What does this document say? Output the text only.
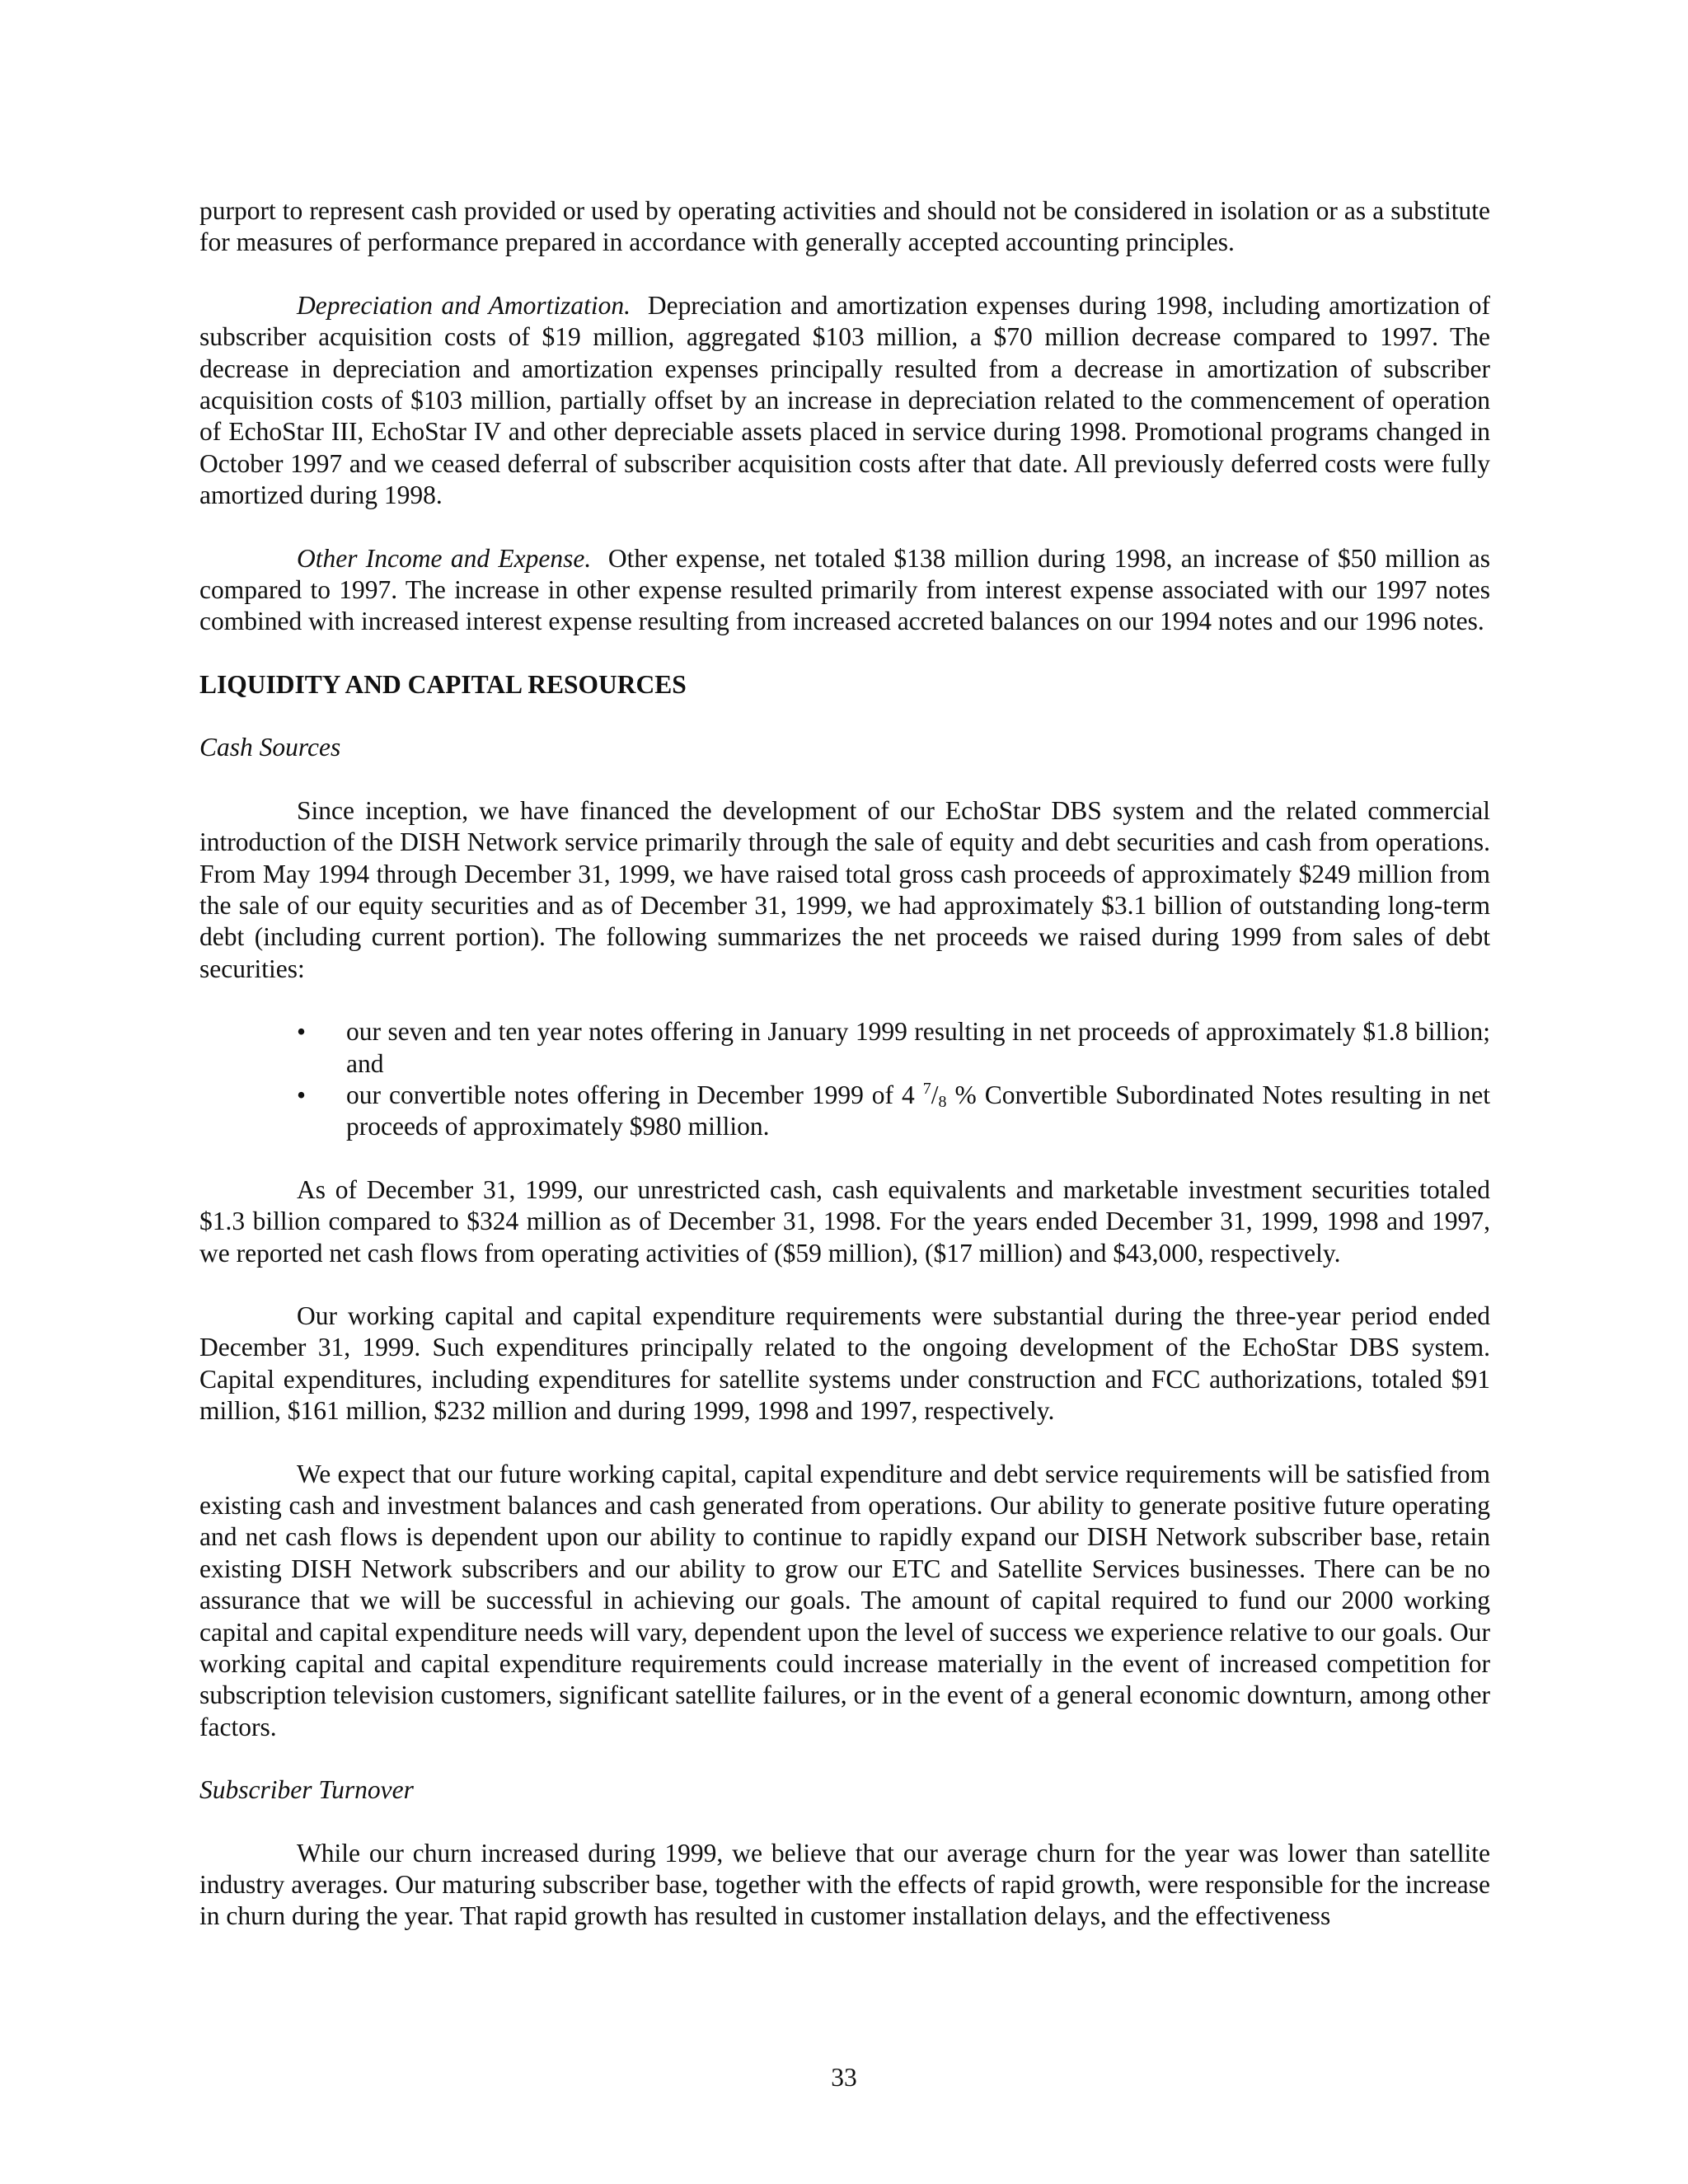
purport to represent cash provided or used by operating activities and should not be considered in isolation or as a substitute for measures of performance prepared in accordance with generally accepted accounting principles.

Depreciation and Amortization. Depreciation and amortization expenses during 1998, including amortization of subscriber acquisition costs of $19 million, aggregated $103 million, a $70 million decrease compared to 1997. The decrease in depreciation and amortization expenses principally resulted from a decrease in amortization of subscriber acquisition costs of $103 million, partially offset by an increase in depreciation related to the commencement of operation of EchoStar III, EchoStar IV and other depreciable assets placed in service during 1998. Promotional programs changed in October 1997 and we ceased deferral of subscriber acquisition costs after that date. All previously deferred costs were fully amortized during 1998.

Other Income and Expense. Other expense, net totaled $138 million during 1998, an increase of $50 million as compared to 1997. The increase in other expense resulted primarily from interest expense associated with our 1997 notes combined with increased interest expense resulting from increased accreted balances on our 1994 notes and our 1996 notes.

LIQUIDITY AND CAPITAL RESOURCES

Cash Sources

Since inception, we have financed the development of our EchoStar DBS system and the related commercial introduction of the DISH Network service primarily through the sale of equity and debt securities and cash from operations. From May 1994 through December 31, 1999, we have raised total gross cash proceeds of approximately $249 million from the sale of our equity securities and as of December 31, 1999, we had approximately $3.1 billion of outstanding long-term debt (including current portion). The following summarizes the net proceeds we raised during 1999 from sales of debt securities:

• our seven and ten year notes offering in January 1999 resulting in net proceeds of approximately $1.8 billion; and
• our convertible notes offering in December 1999 of 4 $^7/_8$ % Convertible Subordinated Notes resulting in net proceeds of approximately $980 million.

As of December 31, 1999, our unrestricted cash, cash equivalents and marketable investment securities totaled $1.3 billion compared to $324 million as of December 31, 1998. For the years ended December 31, 1999, 1998 and 1997, we reported net cash flows from operating activities of ($59 million), ($17 million) and $43,000, respectively.

Our working capital and capital expenditure requirements were substantial during the three-year period ended December 31, 1999. Such expenditures principally related to the ongoing development of the EchoStar DBS system. Capital expenditures, including expenditures for satellite systems under construction and FCC authorizations, totaled $91 million, $161 million, $232 million and during 1999, 1998 and 1997, respectively.

We expect that our future working capital, capital expenditure and debt service requirements will be satisfied from existing cash and investment balances and cash generated from operations. Our ability to generate positive future operating and net cash flows is dependent upon our ability to continue to rapidly expand our DISH Network subscriber base, retain existing DISH Network subscribers and our ability to grow our ETC and Satellite Services businesses. There can be no assurance that we will be successful in achieving our goals. The amount of capital required to fund our 2000 working capital and capital expenditure needs will vary, dependent upon the level of success we experience relative to our goals. Our working capital and capital expenditure requirements could increase materially in the event of increased competition for subscription television customers, significant satellite failures, or in the event of a general economic downturn, among other factors.

Subscriber Turnover

While our churn increased during 1999, we believe that our average churn for the year was lower than satellite industry averages. Our maturing subscriber base, together with the effects of rapid growth, were responsible for the increase in churn during the year. That rapid growth has resulted in customer installation delays, and the effectiveness

33
